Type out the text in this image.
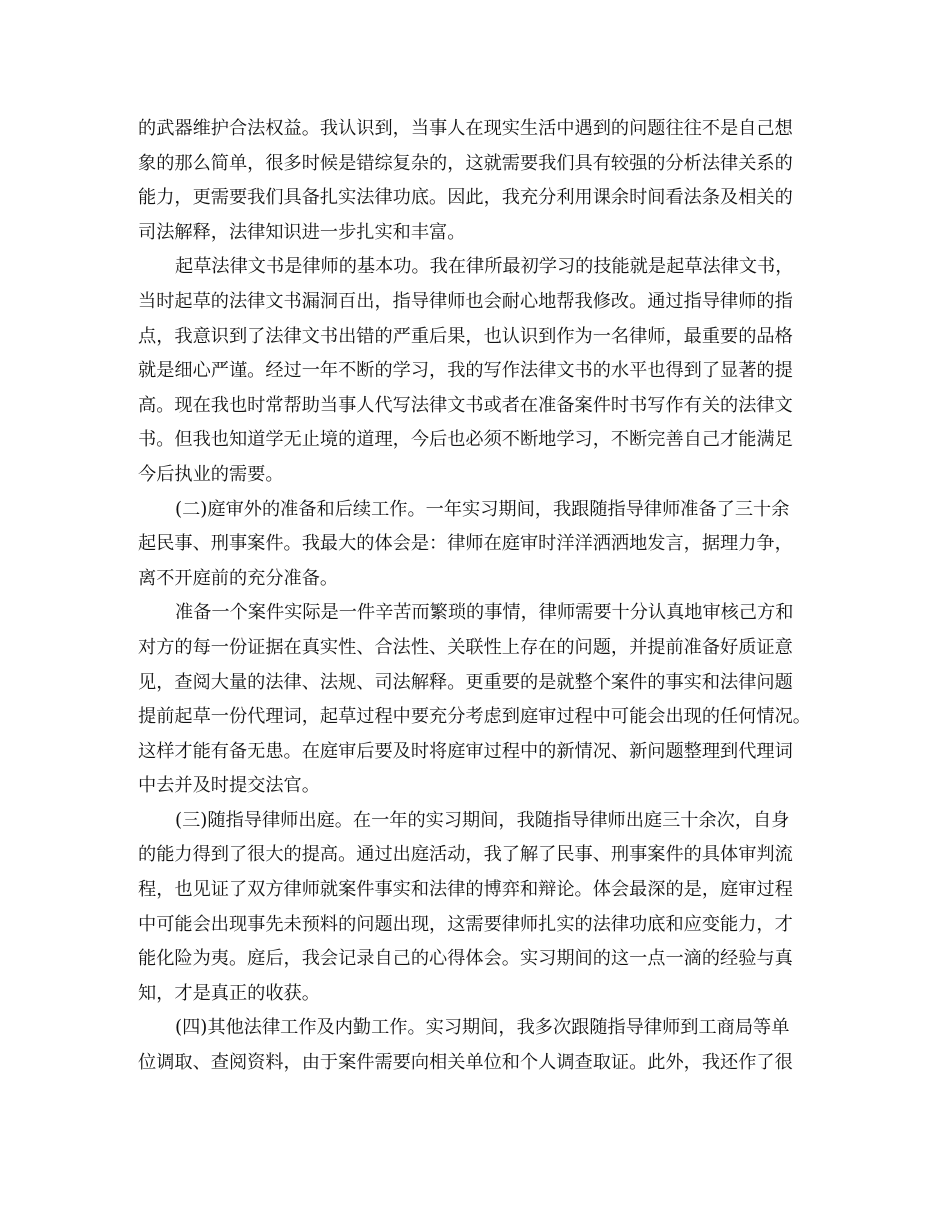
的武器维护合法权益。我认识到，当事人在现实生活中遇到的问题往往不是自己想
象的那么简单，很多时候是错综复杂的，这就需要我们具有较强的分析法律关系的
能力，更需要我们具备扎实法律功底。因此，我充分利用课余时间看法条及相关的
司法解释，法律知识进一步扎实和丰富。
起草法律文书是律师的基本功。我在律所最初学习的技能就是起草法律文书，
当时起草的法律文书漏洞百出，指导律师也会耐心地帮我修改。通过指导律师的指
点，我意识到了法律文书出错的严重后果，也认识到作为一名律师，最重要的品格
就是细心严谨。经过一年不断的学习，我的写作法律文书的水平也得到了显著的提
高。现在我也时常帮助当事人代写法律文书或者在准备案件时书写作有关的法律文
书。但我也知道学无止境的道理，今后也必须不断地学习，不断完善自己才能满足
今后执业的需要。
(二)庭审外的准备和后续工作。一年实习期间，我跟随指导律师准备了三十余
起民事、刑事案件。我最大的体会是：律师在庭审时洋洋洒洒地发言，据理力争，
离不开庭前的充分准备。
准备一个案件实际是一件辛苦而繁琐的事情，律师需要十分认真地审核己方和
对方的每一份证据在真实性、合法性、关联性上存在的问题，并提前准备好质证意
见，查阅大量的法律、法规、司法解释。更重要的是就整个案件的事实和法律问题
提前起草一份代理词，起草过程中要充分考虑到庭审过程中可能会出现的任何情况。
这样才能有备无患。在庭审后要及时将庭审过程中的新情况、新问题整理到代理词
中去并及时提交法官。
(三)随指导律师出庭。在一年的实习期间，我随指导律师出庭三十余次，自身
的能力得到了很大的提高。通过出庭活动，我了解了民事、刑事案件的具体审判流
程，也见证了双方律师就案件事实和法律的博弈和辩论。体会最深的是，庭审过程
中可能会出现事先未预料的问题出现，这需要律师扎实的法律功底和应变能力，才
能化险为夷。庭后，我会记录自己的心得体会。实习期间的这一点一滴的经验与真
知，才是真正的收获。
(四)其他法律工作及内勤工作。实习期间，我多次跟随指导律师到工商局等单
位调取、查阅资料，由于案件需要向相关单位和个人调查取证。此外，我还作了很
